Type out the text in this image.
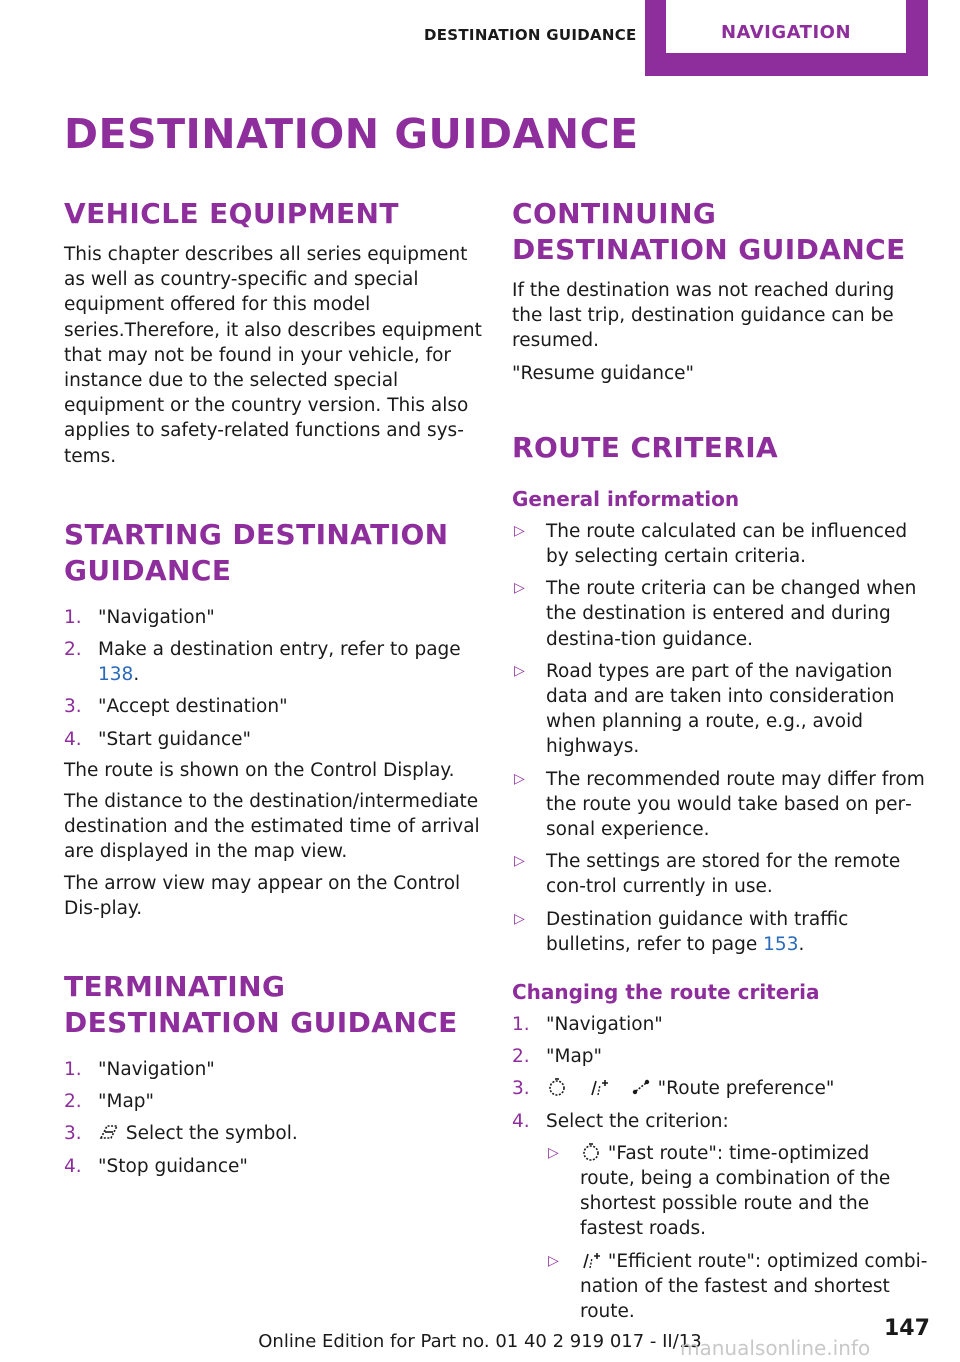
DESTINATION GUIDANCE	NAVIGATION
DESTINATION GUIDANCE
VEHICLE EQUIPMENT

This chapter describes all series equipment as well as country-specific and special equipment offered for this model series.Therefore, it also describes equipment that may not be found in your vehicle, for instance due to the selected special equipment or the country version. This also applies to safety-related functions and sys‐tems.

STARTING DESTINATION GUIDANCE
1. "Navigation"
2. Make a destination entry, refer to page 138.
3. "Accept destination"
4. "Start guidance"

The route is shown on the Control Display.

The distance to the destination/intermediate destination and the estimated time of arrival are displayed in the map view.

The arrow view may appear on the Control Dis‐play.

TERMINATING DESTINATION GUIDANCE
1. "Navigation"
2. "Map"
3. Select the symbol.
4. "Stop guidance"
CONTINUING DESTINATION GUIDANCE

If the destination was not reached during the last trip, destination guidance can be resumed.

"Resume guidance"

ROUTE CRITERIA
General information
▷ The route calculated can be influenced by selecting certain criteria.
▷ The route criteria can be changed when the destination is entered and during destina‐tion guidance.
▷ Road types are part of the navigation data and are taken into consideration when planning a route, e.g., avoid highways.
▷ The recommended route may differ from the route you would take based on per‐sonal experience.
▷ The settings are stored for the remote con‐trol currently in use.
▷ Destination guidance with traffic bulletins, refer to page 153.
Changing the route criteria
1. "Navigation"
2. "Map"
3.	"Route preference"
4. Select the criterion:
▷ "Fast route": time-optimized route, being a combination of the shortest possible route and the fastest roads.
▷ "Efficient route": optimized combi‐nation of the fastest and shortest route.
147
Online Edition for Part no. 01 40 2 919 017 - II/13
manualsonline.info
